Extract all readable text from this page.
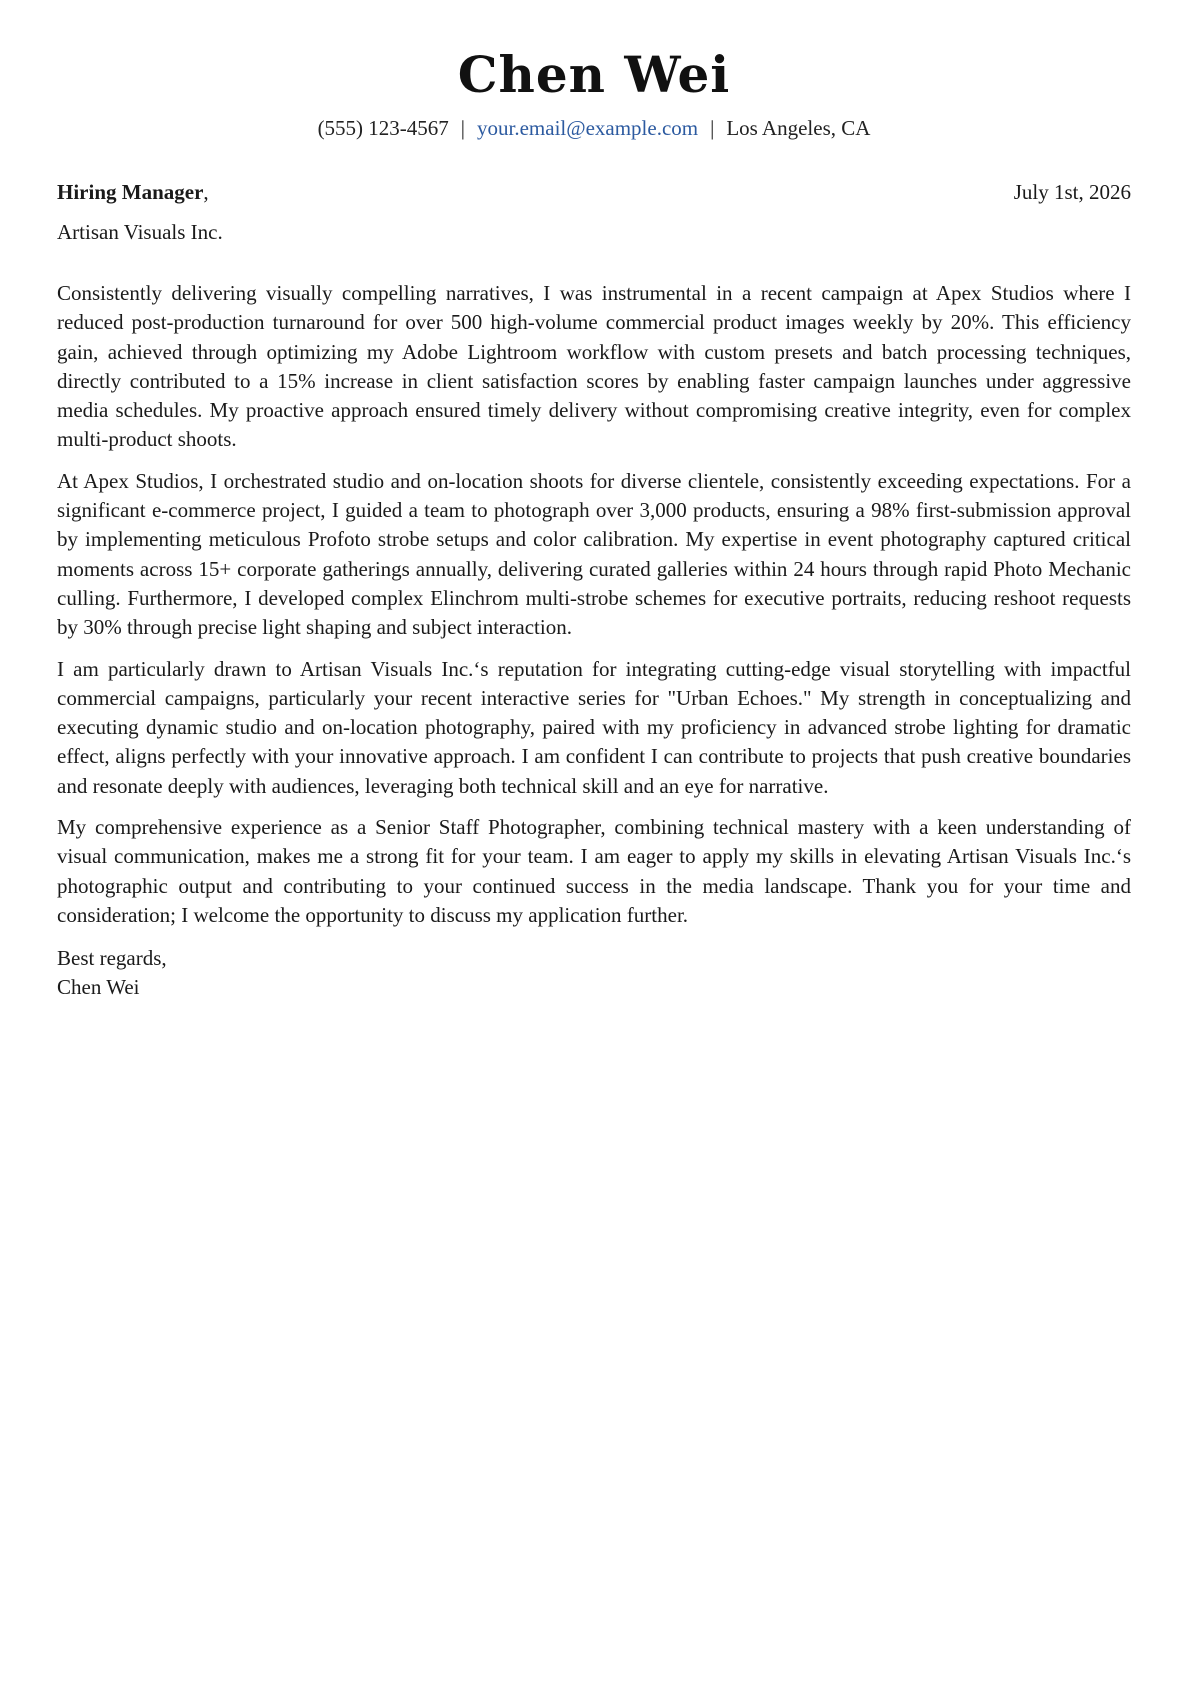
Chen Wei
(555) 123-4567 | your.email@example.com | Los Angeles, CA
Hiring Manager,	July 1st, 2026
Artisan Visuals Inc.

Consistently delivering visually compelling narratives, I was instrumental in a recent campaign at Apex Studios where I reduced post-production turnaround for over 500 high-volume commercial product images weekly by 20%. This efficiency gain, achieved through optimizing my Adobe Lightroom workflow with custom presets and batch processing techniques, directly contributed to a 15% increase in client satisfaction scores by enabling faster campaign launches under aggressive media schedules. My proactive approach ensured timely delivery without compromising creative integrity, even for complex multi-product shoots.

At Apex Studios, I orchestrated studio and on-location shoots for diverse clientele, consistently exceeding expectations. For a significant e-commerce project, I guided a team to photograph over 3,000 products, ensuring a 98% first-submission approval by implementing meticulous Profoto strobe setups and color calibration. My expertise in event photography captured critical moments across 15+ corporate gatherings annually, delivering curated galleries within 24 hours through rapid Photo Mechanic culling. Furthermore, I developed complex Elinchrom multi-strobe schemes for executive portraits, reducing reshoot requests by 30% through precise light shaping and subject interaction.

I am particularly drawn to Artisan Visuals Inc.‘s reputation for integrating cutting-edge visual storytelling with impactful commercial campaigns, particularly your recent interactive series for "Urban Echoes." My strength in conceptualizing and executing dynamic studio and on-location photography, paired with my proficiency in advanced strobe lighting for dramatic effect, aligns perfectly with your innovative approach. I am confident I can contribute to projects that push creative boundaries and resonate deeply with audiences, leveraging both technical skill and an eye for narrative.

My comprehensive experience as a Senior Staff Photographer, combining technical mastery with a keen understanding of visual communication, makes me a strong fit for your team. I am eager to apply my skills in elevating Artisan Visuals Inc.‘s photographic output and contributing to your continued success in the media landscape. Thank you for your time and consideration; I welcome the opportunity to discuss my application further.

Best regards,
Chen Wei
